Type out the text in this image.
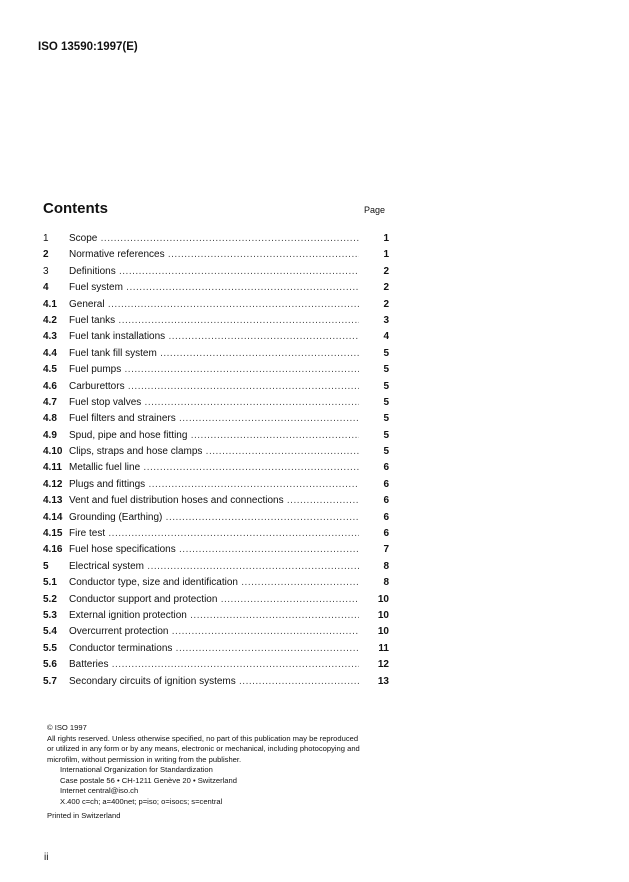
ISO 13590:1997(E)
Contents	Page
1	Scope .....	1
2	Normative references .....	1
3	Definitions .....	2
4	Fuel system .....	2
4.1	General .....	2
4.2	Fuel tanks .....	3
4.3	Fuel tank installations .....	4
4.4	Fuel tank fill system .....	5
4.5	Fuel pumps .....	5
4.6	Carburettors .....	5
4.7	Fuel stop valves .....	5
4.8	Fuel filters and strainers .....	5
4.9	Spud, pipe and hose fitting .....	5
4.10 Clips, straps and hose clamps .....	5
4.11 Metallic fuel line .....	6
4.12 Plugs and fittings .....	6
4.13 Vent and fuel distribution hoses and connections .....	6
4.14 Grounding (Earthing) .....	6
4.15 Fire test .....	6
4.16 Fuel hose specifications .....	7
5	Electrical system .....	8
5.1	Conductor type, size and identification .....	8
5.2	Conductor support and protection .....	10
5.3	External ignition protection .....	10
5.4	Overcurrent protection .....	10
5.5	Conductor terminations .....	11
5.6	Batteries .....	12
5.7	Secondary circuits of ignition systems .....	13
© ISO 1997
All rights reserved. Unless otherwise specified, no part of this publication may be reproduced
or utilized in any form or by any means, electronic or mechanical, including photocopying and
microfilm, without permission in writing from the publisher.
International Organization for Standardization
Case postale 56 • CH-1211 Genève 20 • Switzerland
Internet central@iso.ch
X.400 c=ch; a=400net; p=iso; o=isocs; s=central
Printed in Switzerland
ii
